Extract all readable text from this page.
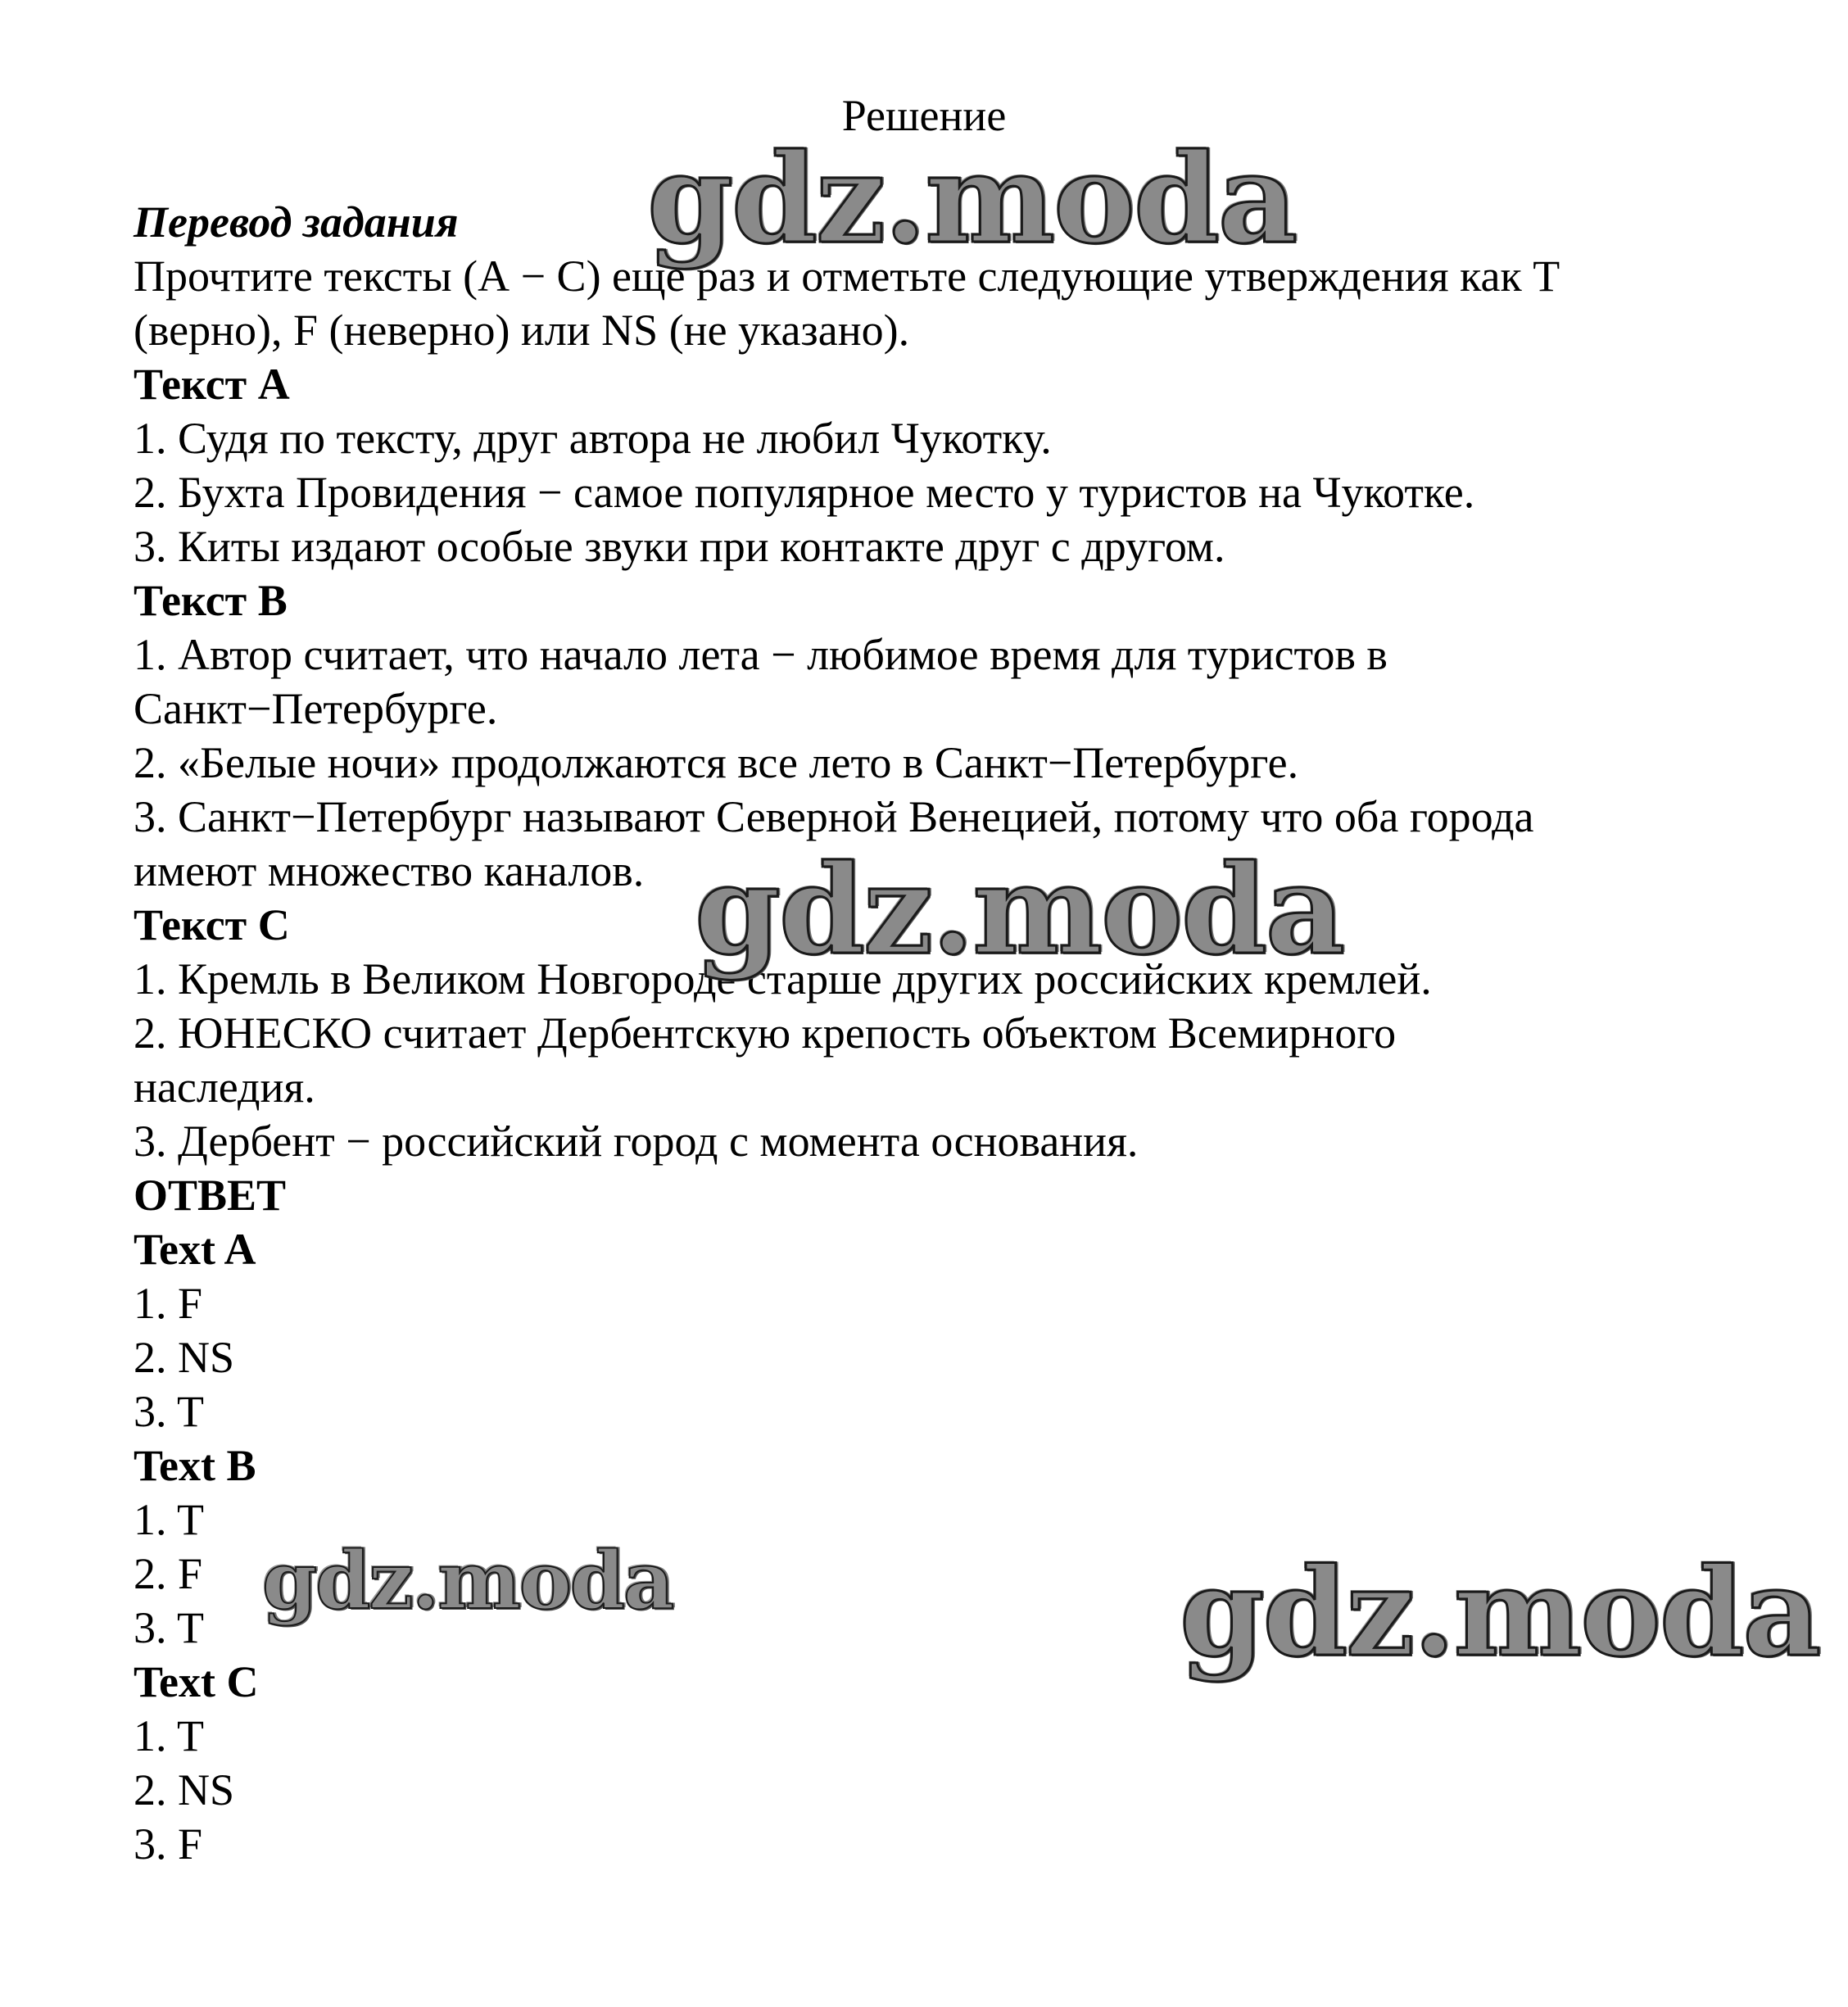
Решение
Перевод задания
Прочтите тексты (А − С) еще раз и отметьте следующие утверждения как Т
(верно), F (неверно) или NS (не указано).
Текст А
1. Судя по тексту, друг автора не любил Чукотку.
2. Бухта Провидения − самое популярное место у туристов на Чукотке.
3. Киты издают особые звуки при контакте друг с другом.
Текст В
1. Автор считает, что начало лета − любимое время для туристов в
Санкт−Петербурге.
2. «Белые ночи» продолжаются все лето в Санкт−Петербурге.
3. Санкт−Петербург называют Северной Венецией, потому что оба города
имеют множество каналов.
Текст С
1. Кремль в Великом Новгороде старше других российских кремлей.
2. ЮНЕСКО считает Дербентскую крепость объектом Всемирного
наследия.
3. Дербент − российский город с момента основания.
ОТВЕТ
Text A
1. F
2. NS
3. T
Text B
1. T
2. F
3. T
Text C
1. T
2. NS
3. F
gdz.moda
gdz.moda
gdz.moda	gdz.moda
